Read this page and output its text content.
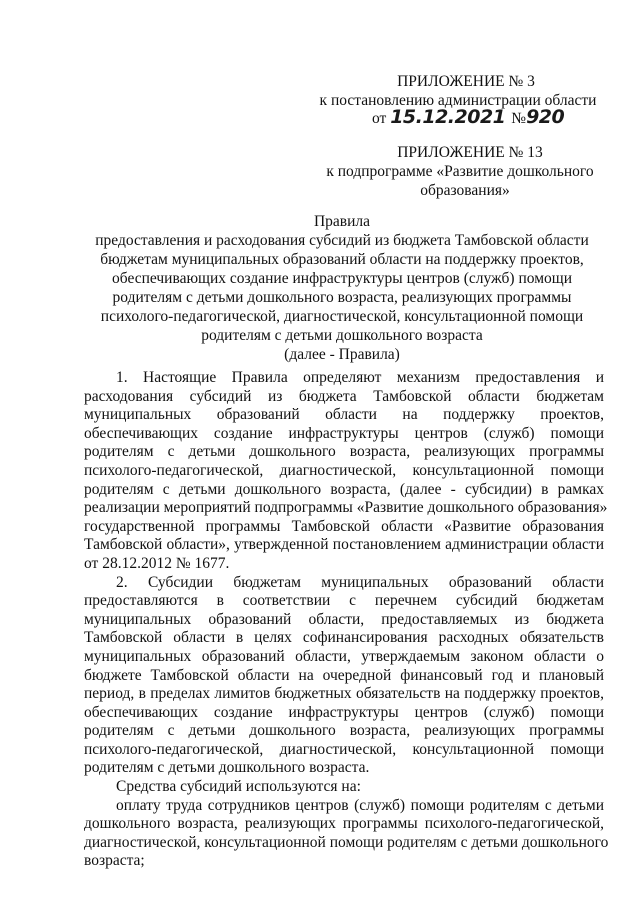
ПРИЛОЖЕНИЕ № 3
к постановлению администрации области
от 15.12.2021 №920
ПРИЛОЖЕНИЕ № 13
к подпрограмме «Развитие дошкольного
образования»
Правила
предоставления и расходования субсидий из бюджета Тамбовской области
бюджетам муниципальных образований области на поддержку проектов,
обеспечивающих создание инфраструктуры центров (служб) помощи
родителям с детьми дошкольного возраста, реализующих программы
психолого-педагогической, диагностической, консультационной помощи
родителям с детьми дошкольного возраста
(далее - Правила)
1. Настоящие Правила определяют механизм предоставления и
расходования субсидий из бюджета Тамбовской области бюджетам
муниципальных образований области на поддержку проектов,
обеспечивающих создание инфраструктуры центров (служб) помощи
родителям с детьми дошкольного возраста, реализующих программы
психолого-педагогической, диагностической, консультационной помощи
родителям с детьми дошкольного возраста, (далее - субсидии) в рамках
реализации мероприятий подпрограммы «Развитие дошкольного образования»
государственной программы Тамбовской области «Развитие образования
Тамбовской области», утвержденной постановлением администрации области
от 28.12.2012 № 1677.
2. Субсидии бюджетам муниципальных образований области
предоставляются в соответствии с перечнем субсидий бюджетам
муниципальных образований области, предоставляемых из бюджета
Тамбовской области в целях софинансирования расходных обязательств
муниципальных образований области, утверждаемым законом области о
бюджете Тамбовской области на очередной финансовый год и плановый
период, в пределах лимитов бюджетных обязательств на поддержку проектов,
обеспечивающих создание инфраструктуры центров (служб) помощи
родителям с детьми дошкольного возраста, реализующих программы
психолого-педагогической, диагностической, консультационной помощи
родителям с детьми дошкольного возраста.
Средства субсидий используются на:
оплату труда сотрудников центров (служб) помощи родителям с детьми
дошкольного возраста, реализующих программы психолого-педагогической,
диагностической, консультационной помощи родителям с детьми дошкольного
возраста;
